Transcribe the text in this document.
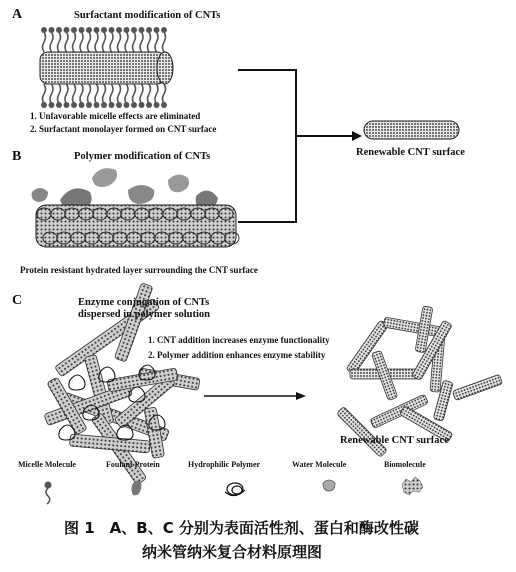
A	Surfactant modification of CNTs
1. Unfavorable micelle effects are eliminated
2. Surfactant monolayer formed on CNT surface
B	Polymer modification of CNTs
Protein resistant hydrated layer surrounding the CNT surface
Renewable CNT surface
C	Enzyme conjugation of CNTs
dispersed in polymer solution
1. CNT addition increases enzyme functionality
2. Polymer addition enhances enzyme stability
Renewable CNT surface
Micelle Molecule	Foulant Protein	Hydrophilic Polymer	Water Molecule	Biomolecule
图 1　A、B、C 分别为表面活性剂、蛋白和酶改性碳
纳米管纳米复合材料原理图
